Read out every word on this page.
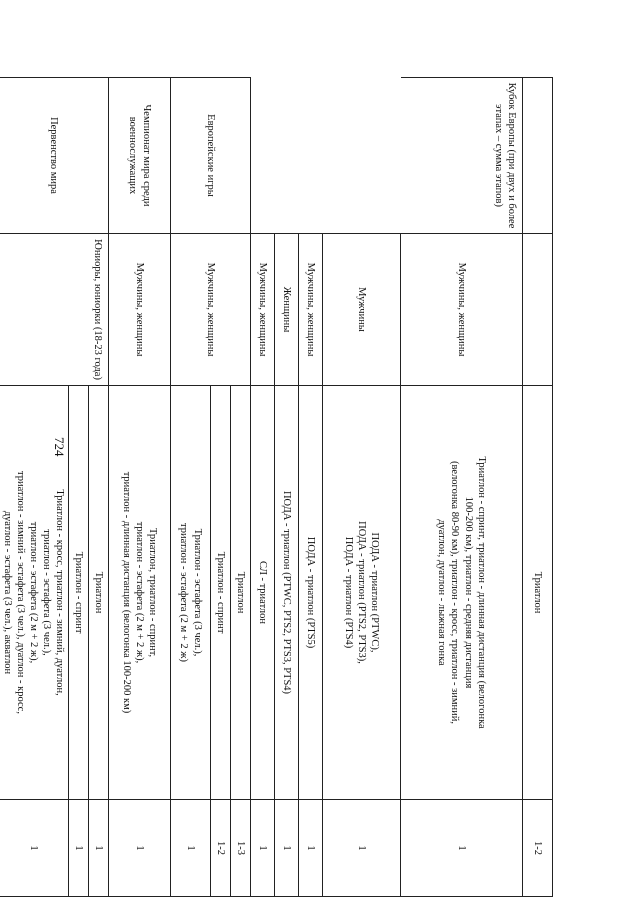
724
Триатлон
1-2
Кубок Европы (при двух и более этапах – сумма этапов)
Мужчины, женщины
Триатлон - спринт, триатлон - длинная дистанция (велогонка
100-200 км), триатлон - средняя дистанция
(велогонка 80-90 км), триатлон - кросс, триатлон - зимний,
дуатлон, дуатлон - лыжная гонка
1
Мужчины
ПОДА - триатлон (PTWC),
ПОДА - триатлон (PTS2, PTS3),
ПОДА - триатлон (PTS4)
1
Мужчины, женщины
ПОДА - триатлон (PTS5)
1
Женщины
ПОДА - триатлон (PTWC, PTS2, PTS3, PTS4)
1
Мужчины, женщины
СЛ - триатлон
1
Европейские игры
Мужчины, женщины
Триатлон
1-3
Триатлон - спринт
1-2
Триатлон - эстафета (3 чел.),
триатлон - эстафета (2 м + 2 ж)
1
Чемпионат мира среди военнослужащих
Мужчины, женщины
Триатлон, триатлон - спринт,
триатлон - эстафета (2 м + 2 ж),
триатлон - длинная дистанция (велогонка 100-200 км)
1
Первенство мира
Юниоры, юниорки (18-23 года)
Триатлон
1
Триатлон - спринт
1
Триатлон - кросс, триатлон - зимний, дуатлон,
триатлон - эстафета (3 чел.),
триатлон - эстафета (2 м + 2 ж),
триатлон - зимний - эстафета (3 чел.), дуатлон - кросс,
дуатлон - эстафета (3 чел.), акватлон
1
